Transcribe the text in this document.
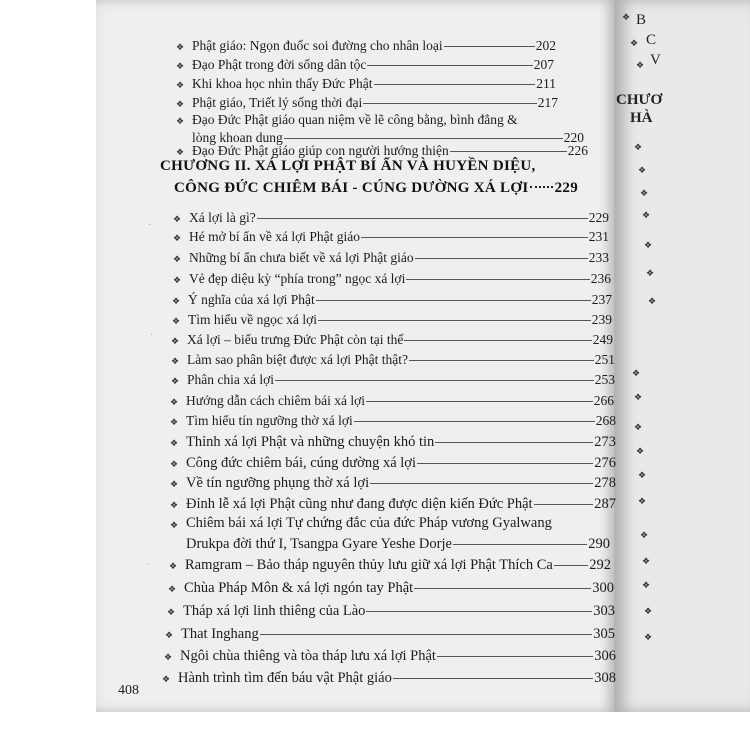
B
C
V
CHƯƠ
HÀ
❖
❖
❖
❖
❖
❖
❖
❖
❖
❖
❖
❖
❖
❖
❖
❖
❖
❖
❖
❖
❖
❖ Phật giáo: Ngọn đuốc soi đường cho nhân loại	202
❖ Đạo Phật trong đời sống dân tộc	207
❖ Khi khoa học nhìn thấy Đức Phật	211
❖ Phật giáo, Triết lý sống thời đại	217
❖ Đạo Đức Phật giáo quan niệm về lẽ công bằng, bình đẳng &
lòng khoan dung	220
❖ Đạo Đức Phật giáo giúp con người hướng thiện	226
CHƯƠNG II. XÁ LỢI PHẬT BÍ ẨN VÀ HUYỀN DIỆU,
CÔNG ĐỨC CHIÊM BÁI - CÚNG DƯỜNG XÁ LỢI 229
❖ Xá lợi là gì?	229
❖ Hé mở bí ẩn về xá lợi Phật giáo	231
❖ Những bí ẩn chưa biết về xá lợi Phật giáo	233
❖ Vẻ đẹp diệu kỳ “phía trong” ngọc xá lợi	236
❖ Ý nghĩa của xá lợi Phật	237
❖ Tìm hiểu về ngọc xá lợi	239
❖ Xá lợi – biểu trưng Đức Phật còn tại thế	249
❖ Làm sao phân biệt được xá lợi Phật thật?	251
❖ Phân chia xá lợi	253
❖ Hướng dẫn cách chiêm bái xá lợi	266
❖ Tìm hiểu tín ngưỡng thờ xá lợi	268
❖ Thỉnh xá lợi Phật và những chuyện khó tin	273
❖ Công đức chiêm bái, cúng dường xá lợi	276
❖ Về tín ngưỡng phụng thờ xá lợi	278
❖ Đỉnh lễ xá lợi Phật cũng như đang được diện kiến Đức Phật	287
❖ Chiêm bái xá lợi Tự chứng đắc của đức Pháp vương Gyalwang
Drukpa đời thứ I, Tsangpa Gyare Yeshe Dorje	290
❖ Ramgram – Bảo tháp nguyên thủy lưu giữ xá lợi Phật Thích Ca	292
❖ Chùa Pháp Môn & xá lợi ngón tay Phật	300
❖ Tháp xá lợi linh thiêng của Lào	303
❖ That Inghang	305
❖ Ngôi chùa thiêng và tòa tháp lưu xá lợi Phật	306
❖ Hành trình tìm đến báu vật Phật giáo	308
408
·
·
·
